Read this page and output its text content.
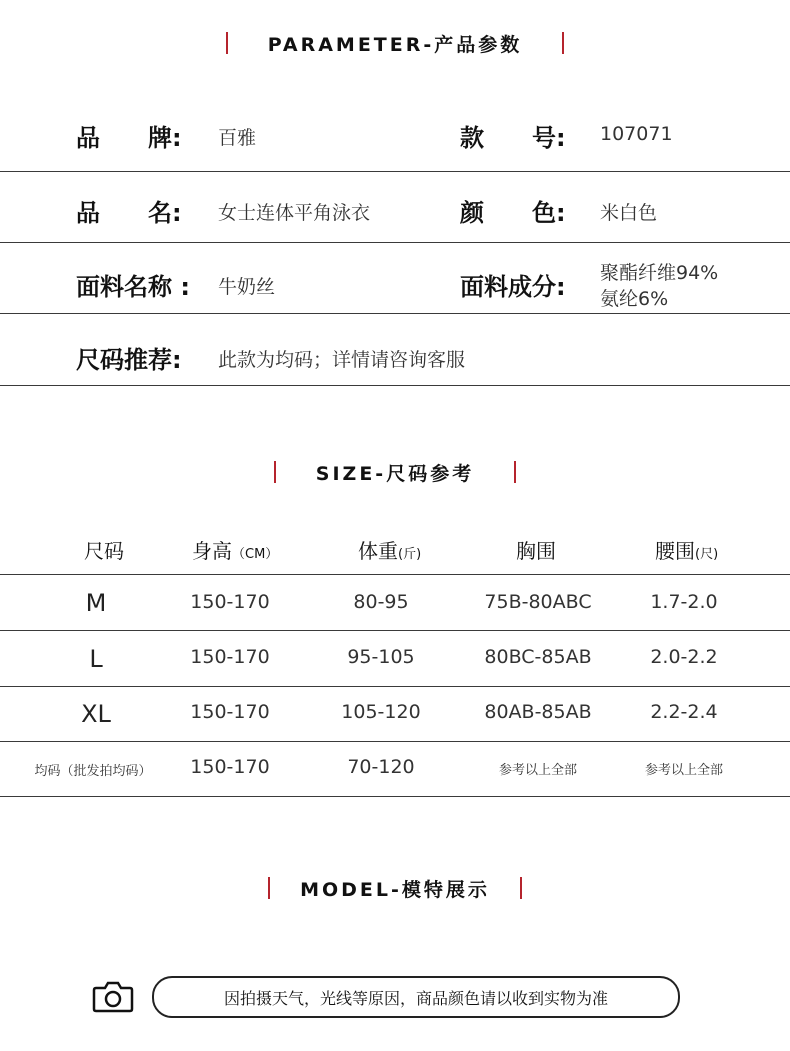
PARAMETER-产品参数
品　　牌: 百雅	款　　号: 107071
品　　名: 女士连体平角泳衣	颜　　色: 米白色
面料名称 : 牛奶丝	面料成分: 聚酯纤维94%
氨纶6%
尺码推荐: 此款为均码；详情请咨询客服
SIZE-尺码参考
尺码	身高（CM）	体重(斤)	胸围	腰围(尺)
M	150-170	80-95	75B-80ABC	1.7-2.0
L	150-170	95-105	80BC-85AB	2.0-2.2
XL	150-170	105-120	80AB-85AB	2.2-2.4
均码（批发拍均码）	150-170	70-120	参考以上全部	参考以上全部
MODEL-模特展示
因拍摄天气，光线等原因，商品颜色请以收到实物为准
